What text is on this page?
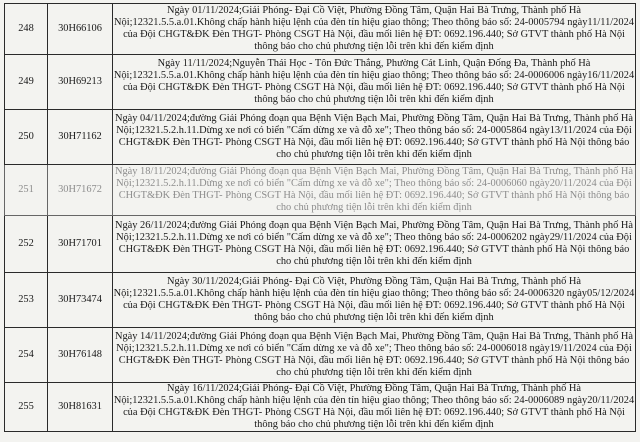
248	30H66106	Ngày 01/11/2024;Giải Phóng- Đại Cồ Việt, Phường Đồng Tâm, Quận Hai Bà Trưng, Thành phố Hà Nội;12321.5.5.a.01.Không chấp hành hiệu lệnh của đèn tín hiệu giao thông; Theo thông báo số: 24-0005794 ngày11/11/2024 của Đội CHGT&ĐK Đèn THGT- Phòng CSGT Hà Nội, đầu mối liên hệ ĐT: 0692.196.440; Sở GTVT thành phố Hà Nội thông báo cho chủ phương tiện lỗi trên khi đến kiểm định
249	30H69213	Ngày 11/11/2024;Nguyễn Thái Học - Tôn Đức Thắng, Phường Cát Linh, Quận Đống Đa, Thành phố Hà Nội;12321.5.5.a.01.Không chấp hành hiệu lệnh của đèn tín hiệu giao thông; Theo thông báo số: 24-0006006 ngày16/11/2024 của Đội CHGT&ĐK Đèn THGT- Phòng CSGT Hà Nội, đầu mối liên hệ ĐT: 0692.196.440; Sở GTVT thành phố Hà Nội thông báo cho chủ phương tiện lỗi trên khi đến kiểm định
250	30H71162	Ngày 04/11/2024;đường Giải Phóng đoạn qua Bệnh Viện Bạch Mai, Phường Đồng Tâm, Quận Hai Bà Trưng, Thành phố Hà Nội;12321.5.2.h.11.Dừng xe nơi có biển "Cấm dừng xe và đỗ xe"; Theo thông báo số: 24-0005864 ngày13/11/2024 của Đội CHGT&ĐK Đèn THGT- Phòng CSGT Hà Nội, đầu mối liên hệ ĐT: 0692.196.440; Sở GTVT thành phố Hà Nội thông báo cho chủ phương tiện lỗi trên khi đến kiểm định
251	30H71672	Ngày 18/11/2024;đường Giải Phóng đoạn qua Bệnh Viện Bạch Mai, Phường Đồng Tâm, Quận Hai Bà Trưng, Thành phố Hà Nội;12321.5.2.h.11.Dừng xe nơi có biển "Cấm dừng xe và đỗ xe"; Theo thông báo số: 24-0006060 ngày20/11/2024 của Đội CHGT&ĐK Đèn THGT- Phòng CSGT Hà Nội, đầu mối liên hệ ĐT: 0692.196.440; Sở GTVT thành phố Hà Nội thông báo cho chủ phương tiện lỗi trên khi đến kiểm định
252	30H71701	Ngày 26/11/2024;đường Giải Phóng đoạn qua Bệnh Viện Bạch Mai, Phường Đồng Tâm, Quận Hai Bà Trưng, Thành phố Hà Nội;12321.5.2.h.11.Dừng xe nơi có biển "Cấm dừng xe và đỗ xe"; Theo thông báo số: 24-0006202 ngày29/11/2024 của Đội CHGT&ĐK Đèn THGT- Phòng CSGT Hà Nội, đầu mối liên hệ ĐT: 0692.196.440; Sở GTVT thành phố Hà Nội thông báo cho chủ phương tiện lỗi trên khi đến kiểm định
253	30H73474	Ngày 30/11/2024;Giải Phóng- Đại Cồ Việt, Phường Đồng Tâm, Quận Hai Bà Trưng, Thành phố Hà Nội;12321.5.5.a.01.Không chấp hành hiệu lệnh của đèn tín hiệu giao thông; Theo thông báo số: 24-0006320 ngày05/12/2024 của Đội CHGT&ĐK Đèn THGT- Phòng CSGT Hà Nội, đầu mối liên hệ ĐT: 0692.196.440; Sở GTVT thành phố Hà Nội thông báo cho chủ phương tiện lỗi trên khi đến kiểm định
254	30H76148	Ngày 14/11/2024;đường Giải Phóng đoạn qua Bệnh Viện Bạch Mai, Phường Đồng Tâm, Quận Hai Bà Trưng, Thành phố Hà Nội;12321.5.2.h.11.Dừng xe nơi có biển "Cấm dừng xe và đỗ xe"; Theo thông báo số: 24-0006018 ngày19/11/2024 của Đội CHGT&ĐK Đèn THGT- Phòng CSGT Hà Nội, đầu mối liên hệ ĐT: 0692.196.440; Sở GTVT thành phố Hà Nội thông báo cho chủ phương tiện lỗi trên khi đến kiểm định
255	30H81631	Ngày 16/11/2024;Giải Phóng- Đại Cồ Việt, Phường Đồng Tâm, Quận Hai Bà Trưng, Thành phố Hà Nội;12321.5.5.a.01.Không chấp hành hiệu lệnh của đèn tín hiệu giao thông; Theo thông báo số: 24-0006089 ngày20/11/2024 của Đội CHGT&ĐK Đèn THGT- Phòng CSGT Hà Nội, đầu mối liên hệ ĐT: 0692.196.440; Sở GTVT thành phố Hà Nội thông báo cho chủ phương tiện lỗi trên khi đến kiểm định
